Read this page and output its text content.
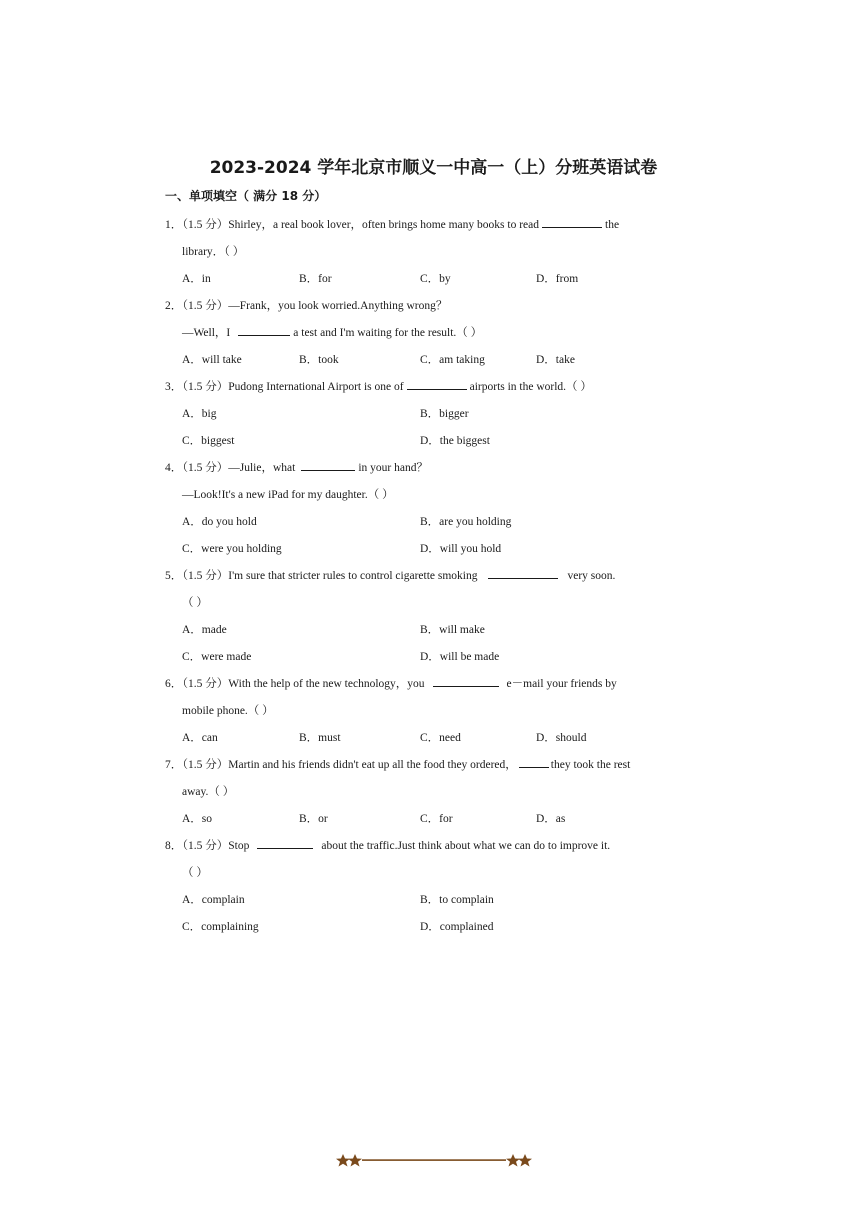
2023-2024 学年北京市顺义一中高一（上）分班英语试卷
一、单项填空（ 满分 18 分）
1．（1.5 分）Shirley，a real book lover，often brings home many books to read	the
library．（ ）
A．in	B．for	C．by	D．from
2．（1.5 分）—Frank，you look worried.Anything wrong？
—Well，I	a test and I'm waiting for the result.（ ）
A．will take	B．took	C．am taking	D．take
3．（1.5 分）Pudong International Airport is one of	airports in the world.（ ）
A．big	B．bigger
C．biggest	D．the biggest
4．（1.5 分）—Julie，what	in your hand？
—Look!It's a new iPad for my daughter.（ ）
A．do you hold	B．are you holding
C．were you holding	D．will you hold
5．（1.5 分）I'm sure that stricter rules to control cigarette smoking	very soon.
（ ）
A．made	B．will make
C．were made	D．will be made
6．（1.5 分）With the help of the new technology，you	e－mail your friends by
mobile phone.（ ）
A．can	B．must	C．need	D．should
7．（1.5 分）Martin and his friends didn't eat up all the food they ordered，	they took the rest
away.（ ）
A．so	B．or	C．for	D．as
8．（1.5 分）Stop	about the traffic.Just think about what we can do to improve it.
（ ）
A．complain	B．to complain
C．complaining	D．complained
